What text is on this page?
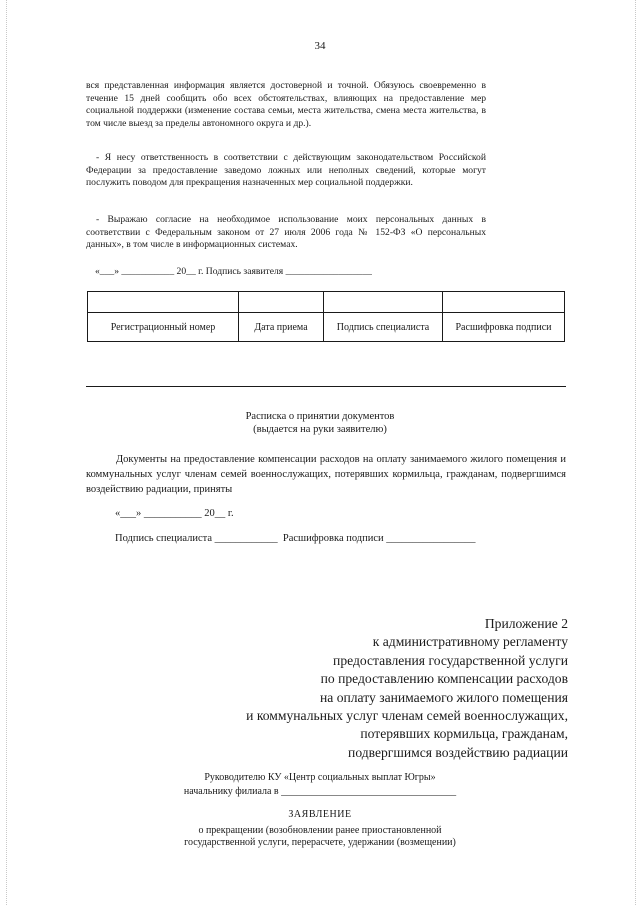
34

вся представленная информация является достоверной и точной. Обязуюсь своевременно в течение 15 дней сообщить обо всех обстоятельствах, влияющих на предоставление мер социальной поддержки (изменение состава семьи, места жительства, смена места жительства, в том числе выезд за пределы автономного округа и др.).

- Я несу ответственность в соответствии с действующим законодательством Российской Федерации за предоставление заведомо ложных или неполных сведений, которые могут послужить поводом для прекращения назначенных мер социальной поддержки.

- Выражаю согласие на необходимое использование моих персональных данных в соответствии с Федеральным законом от 27 июля 2006 года № 152-ФЗ «О персональных данных», в том числе в информационных системах.

«___» ___________ 20__ г. Подпись заявителя __________________

Регистрационный номер	Дата приема	Подпись специалиста	Расшифровка подписи
Расписка о принятии документов
(выдается на руки заявителю)

Документы на предоставление компенсации расходов на оплату занимаемого жилого помещения и коммунальных услуг членам семей военнослужащих, потерявших кормильца, гражданам, подвергшимся воздействию радиации, приняты

«___» ___________ 20__ г.
Подпись специалиста ____________  Расшифровка подписи _________________
Приложение 2
к административному регламенту
предоставления государственной услуги
по предоставлению компенсации расходов
на оплату занимаемого жилого помещения
и коммунальных услуг членам семей военнослужащих,
потерявших кормильца, гражданам,
подвергшимся воздействию радиации
Руководителю КУ «Центр социальных выплат Югры»
начальнику филиала в ___________________________________
ЗАЯВЛЕНИЕ
о прекращении (возобновлении ранее приостановленной
государственной услуги, перерасчете, удержании (возмещении)
